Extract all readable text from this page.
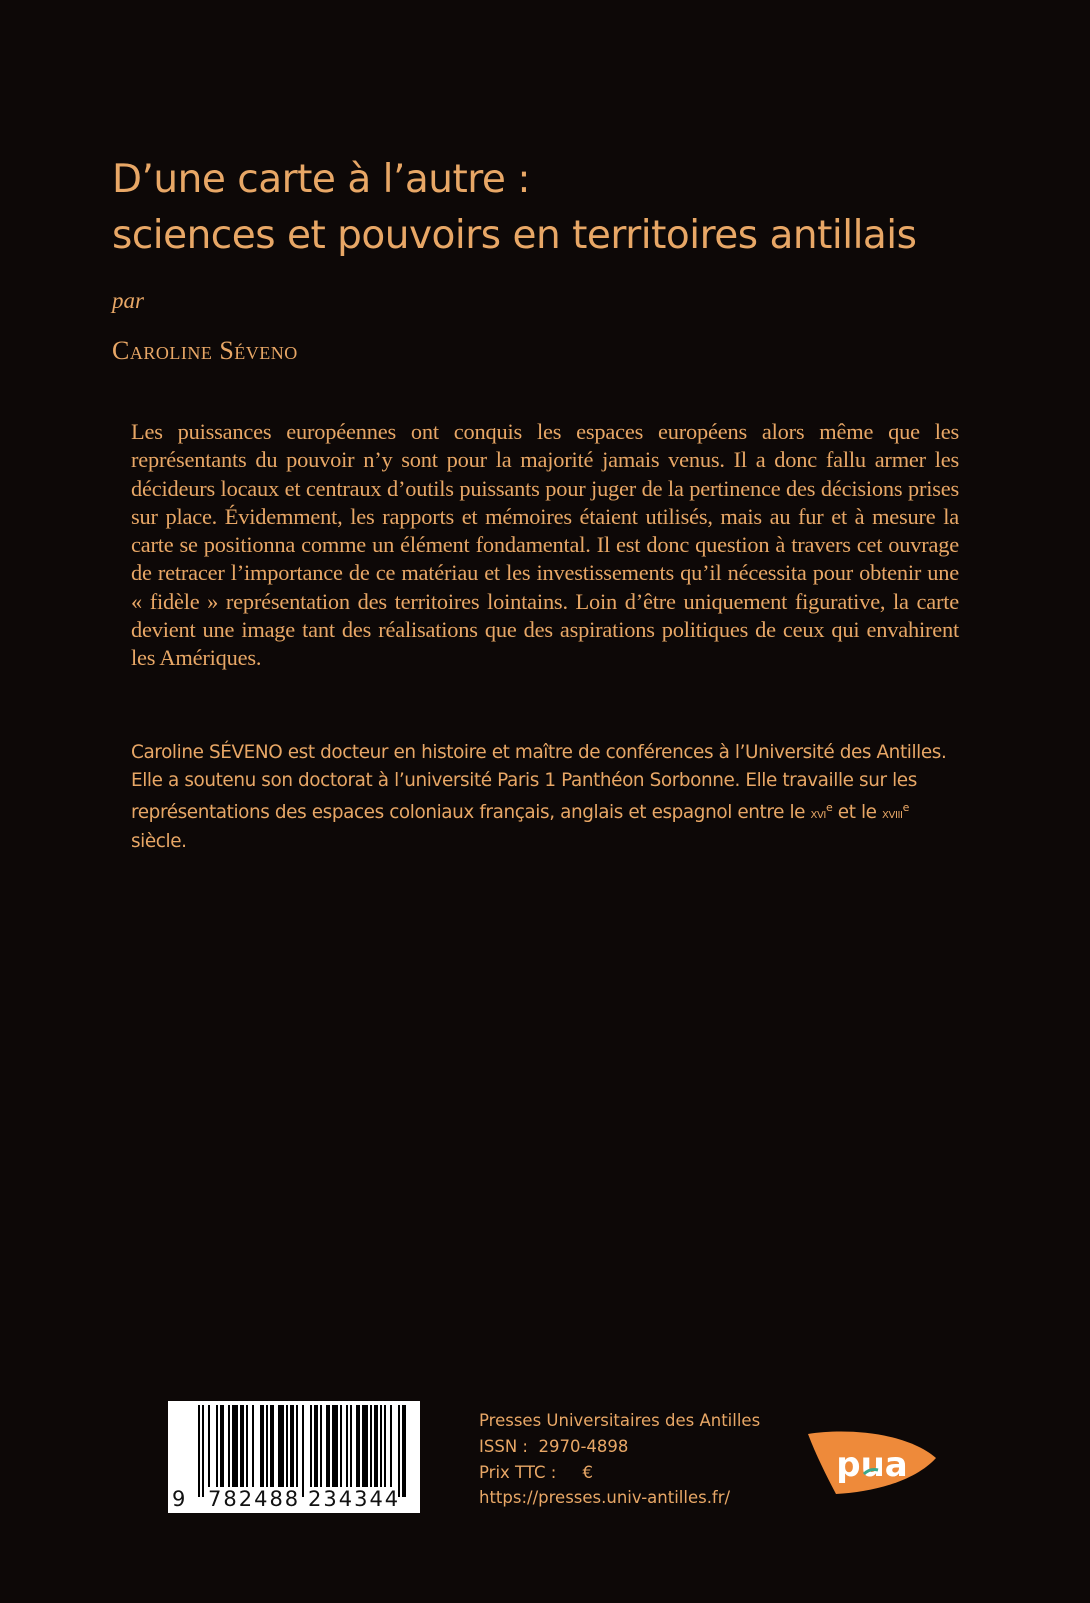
D’une carte à l’autre :
sciences et pouvoirs en territoires antillais
par
Caroline Séveno

Les puissances européennes ont conquis les espaces européens alors même que les représentants du pouvoir n’y sont pour la majorité jamais venus. Il a donc fallu armer les décideurs locaux et centraux d’outils puissants pour juger de la pertinence des décisions prises sur place. Évidemment, les rapports et mémoires étaient utilisés, mais au fur et à mesure la carte se positionna comme un élément fondamental. Il est donc question à travers cet ouvrage de retracer l’importance de ce matériau et les investissements qu’il nécessita pour obtenir une « fidèle » représentation des territoires lointains. Loin d’être uniquement figurative, la carte devient une image tant des réalisations que des aspirations politiques de ceux qui envahirent les Amériques.

Caroline SÉVENO est docteur en histoire et maître de conférences à l’Université des Antilles. Elle a soutenu son doctorat à l’université Paris 1 Panthéon Sorbonne. Elle travaille sur les représentations des espaces coloniaux français, anglais et espagnol entre le xvi$^e$ et le xviii$^e$ siècle.

9 782488 234344
Presses Universitaires des Antilles
ISSN :  2970-4898
Prix TTC :     €
https://presses.univ-antilles.fr/
pua
